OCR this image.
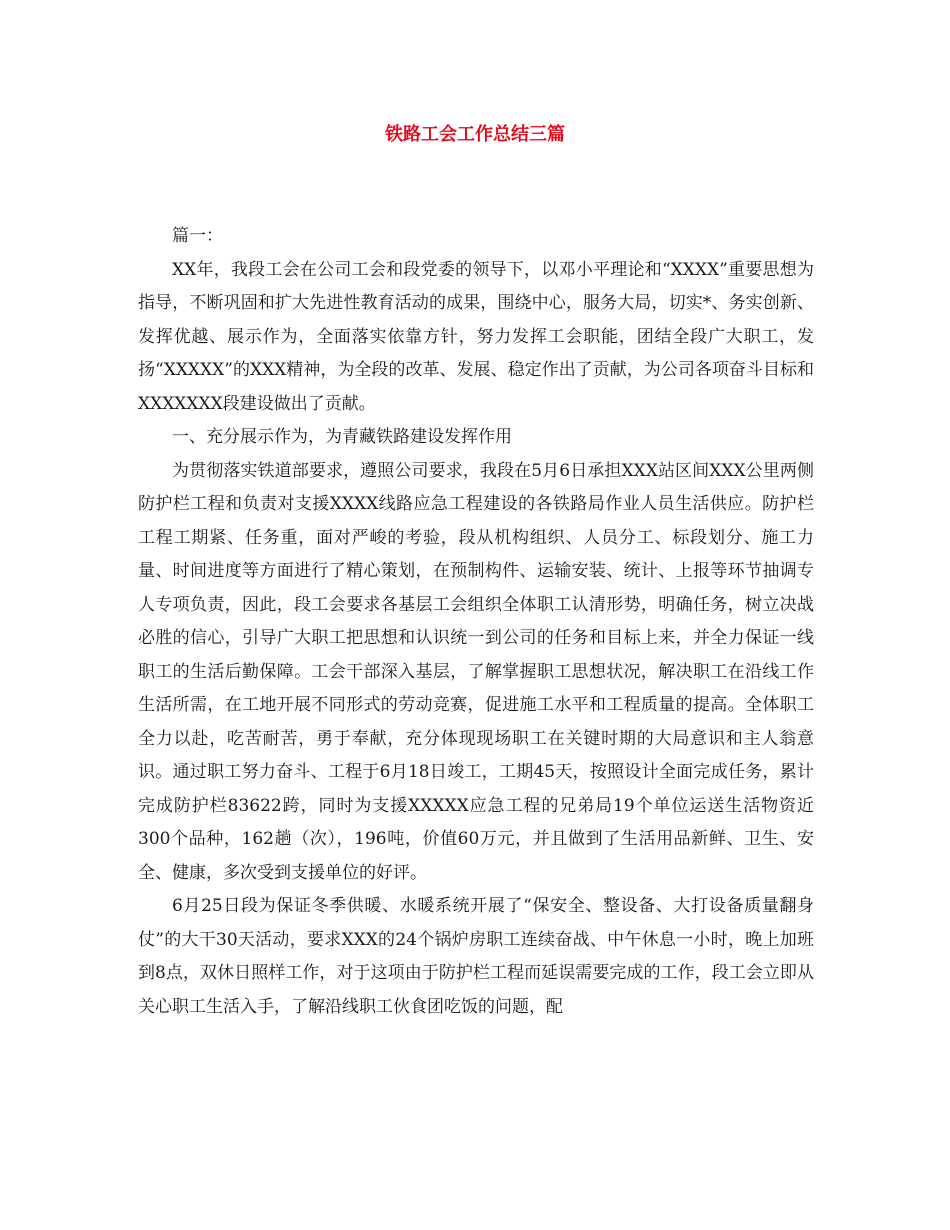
铁路工会工作总结三篇

篇一：

XX年，我段工会在公司工会和段党委的领导下，以邓小平理论和“XXXX”重要思想为指导，不断巩固和扩大先进性教育活动的成果，围绕中心，服务大局，切实*、务实创新、发挥优越、展示作为，全面落实依靠方针，努力发挥工会职能，团结全段广大职工，发扬“XXXXX”的XXX精神，为全段的改革、发展、稳定作出了贡献，为公司各项奋斗目标和XXXXXXX段建设做出了贡献。

一、充分展示作为，为青藏铁路建设发挥作用

为贯彻落实铁道部要求，遵照公司要求，我段在5月6日承担XXX站区间XXX公里两侧防护栏工程和负责对支援XXXX线路应急工程建设的各铁路局作业人员生活供应。防护栏工程工期紧、任务重，面对严峻的考验，段从机构组织、人员分工、标段划分、施工力量、时间进度等方面进行了精心策划，在预制构件、运输安装、统计、上报等环节抽调专人专项负责，因此，段工会要求各基层工会组织全体职工认清形势，明确任务，树立决战必胜的信心，引导广大职工把思想和认识统一到公司的任务和目标上来，并全力保证一线职工的生活后勤保障。工会干部深入基层，了解掌握职工思想状况，解决职工在沿线工作生活所需，在工地开展不同形式的劳动竞赛，促进施工水平和工程质量的提高。全体职工全力以赴，吃苦耐苦，勇于奉献，充分体现现场职工在关键时期的大局意识和主人翁意识。通过职工努力奋斗、工程于6月18日竣工，工期45天，按照设计全面完成任务，累计完成防护栏83622跨，同时为支援XXXXX应急工程的兄弟局19个单位运送生活物资近300个品种，162趟（次），196吨，价值60万元，并且做到了生活用品新鲜、卫生、安全、健康，多次受到支援单位的好评。

6月25日段为保证冬季供暖、水暖系统开展了“保安全、整设备、大打设备质量翻身仗”的大干30天活动，要求XXX的24个锅炉房职工连续奋战、中午休息一小时，晚上加班到8点，双休日照样工作，对于这项由于防护栏工程而延误需要完成的工作，段工会立即从关心职工生活入手，了解沿线职工伙食团吃饭的问题，配
